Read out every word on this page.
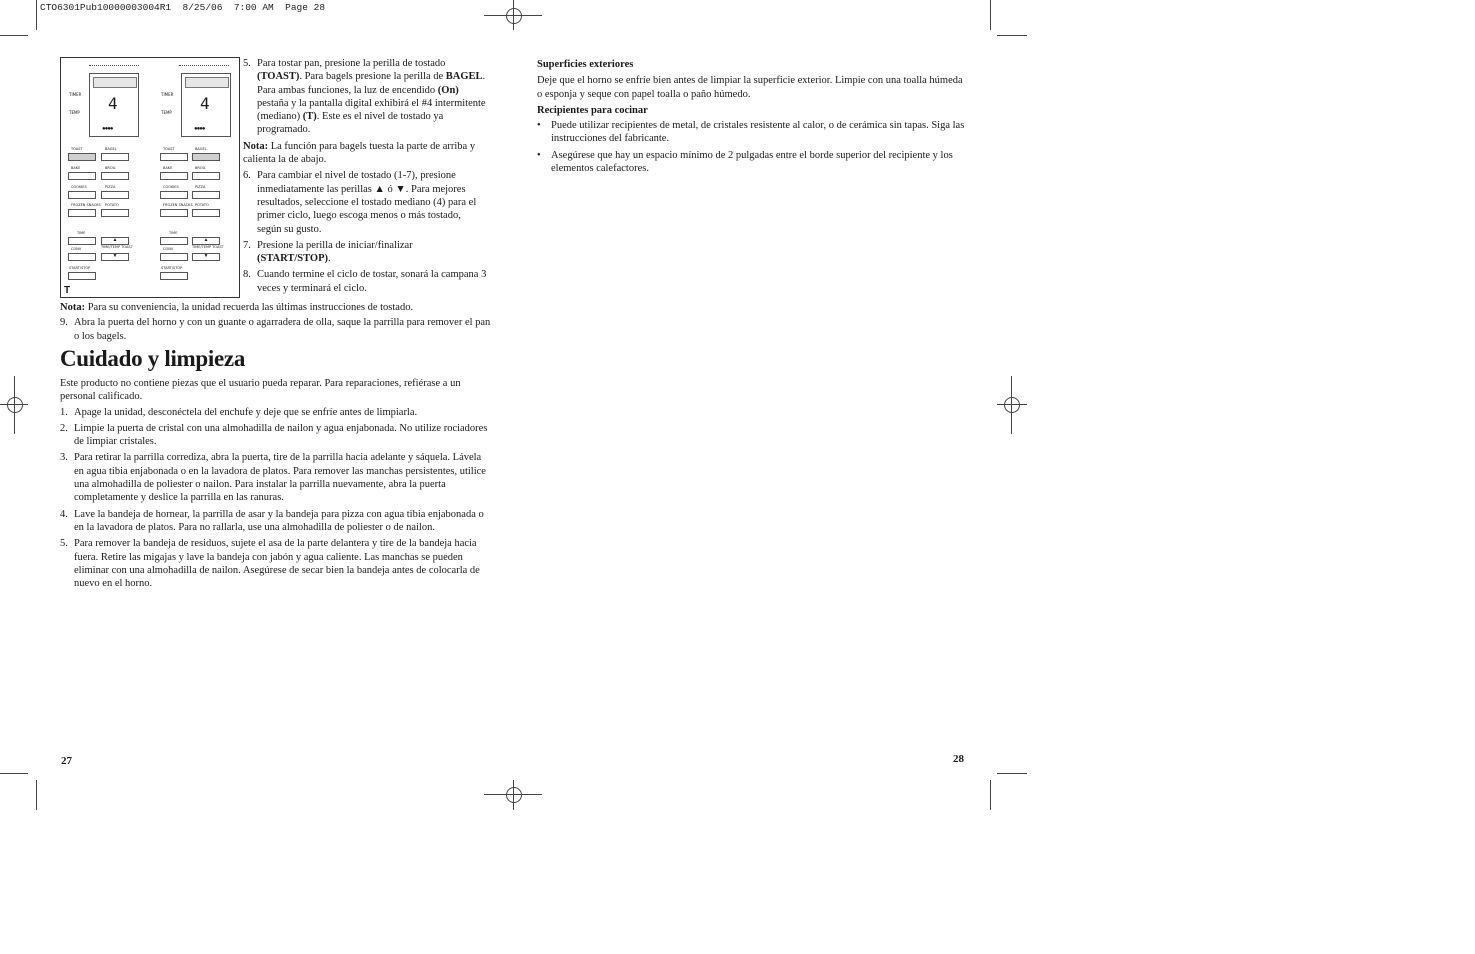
CTO6301Pub10000003004R1  8/25/06  7:00 AM  Page 28
4
●●●●
4
●●●●
TIMER
TEMP
TIMER
TEMP
TOAST	BAGEL	TOAST	BAGEL
BAKE	BROIL	BAKE	BROIL
COOKIES	PIZZA	COOKIES	PIZZA
FROZEN SNACKS POTATO	FROZEN SNACKS POTATO
TIME
▲
TIME
▲
CONV	TIME/TEMP TOAST
▼
CONV	TIME/TEMP TOAST
▼
START/STOP	START/STOP
T
5. Para tostar pan, presione la perilla de tostado (TOAST). Para bagels presione la perilla de BAGEL. Para ambas funciones, la luz de encendido (On) pestaña y la pantalla digital exhibirá el #4 intermitente (mediano) (T). Este es el nivel de tostado ya programado.

Nota: La función para bagels tuesta la parte de arriba y calienta la de abajo.

6. Para cambiar el nivel de tostado (1-7), presione inmediatamente las perillas ▲ ó ▼. Para mejores resultados, seleccione el tostado mediano (4) para el primer ciclo, luego escoga menos o más tostado, según su gusto.
7. Presione la perilla de iniciar/finalizar (START/STOP).
8. Cuando termine el ciclo de tostar, sonará la campana 3 veces y terminará el ciclo.

Nota: Para su conveniencia, la unidad recuerda las últimas instrucciones de tostado.

9. Abra la puerta del horno y con un guante o agarradera de olla, saque la parrilla para remover el pan o los bagels.
Cuidado y limpieza

Este producto no contiene piezas que el usuario pueda reparar. Para reparaciones, refiérase a un personal calificado.

1. Apage la unidad, desconéctela del enchufe y deje que se enfríe antes de limpiarla.
2. Limpie la puerta de cristal con una almohadilla de nailon y agua enjabonada. No utilize rociadores de limpiar cristales.
3. Para retirar la parrilla corrediza, abra la puerta, tire de la parrilla hacia adelante y sáquela. Lávela en agua tibia enjabonada o en la lavadora de platos. Para remover las manchas persistentes, utilice una almohadilla de poliester o nailon. Para instalar la parrilla nuevamente, abra la puerta completamente y deslice la parrilla en las ranuras.
4. Lave la bandeja de hornear, la parrilla de asar y la bandeja para pizza con agua tibia enjabonada o en la lavadora de platos. Para no rallarla, use una almohadilla de poliester o de nailon.
5. Para remover la bandeja de residuos, sujete el asa de la parte delantera y tire de la bandeja hacia fuera. Retire las migajas y lave la bandeja con jabón y agua caliente. Las manchas se pueden eliminar con una almohadilla de nailon. Asegúrese de secar bien la bandeja antes de colocarla de nuevo en el horno.
27

Superficies exteriores

Deje que el horno se enfríe bien antes de limpiar la superficie exterior. Limpie con una toalla húmeda o esponja y seque con papel toalla o paño húmedo.

Recipientes para cocinar

• Puede utilizar recipientes de metal, de cristales resistente al calor, o de cerámica sin tapas. Siga las instrucciones del fabricante.
• Asegúrese que hay un espacio mínimo de 2 pulgadas entre el borde superior del recipiente y los elementos calefactores.
28
